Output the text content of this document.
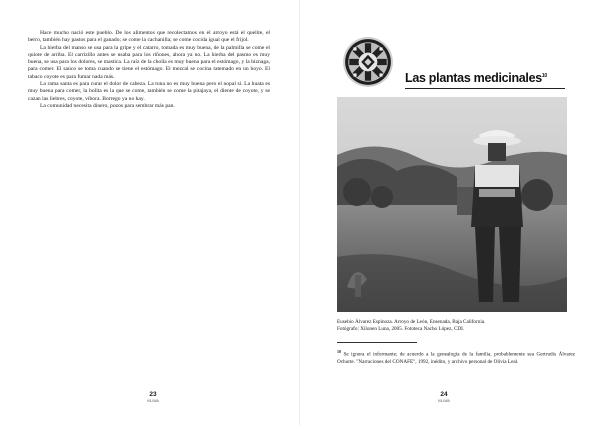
Hace mucho nació este pueblo. De los alimentos que recolectamos en el arroyo está el quelite, el berro, también hay pastos para el ganado; se come la cachanilla; se come cocida igual que el frijol.

La hierba del manso se usa para la gripe y el catarro, tomada es muy buena, de la palmilla se come el quiote de arriba. El carrizillo antes se usaba para los riñones, ahora ya no. La hierba del pasmo es muy buena, se usa para los dolores, se mastica. La raíz de la cholla es muy buena para el estómago, y la biznaga, para comer. El saúco se toma cuando se tiene el estómago. El mezcal se cocina tatemado en un hoyo. El tabaco coyote es para fumar nada más.

La rama santa es para curar el dolor de cabeza. La tuna no es muy buena pero el nopal sí. La huata es muy buena para comer, la bolita es la que se come, también se come la pitajaya, el diente de coyote, y se cazan las liebres, coyote, víbora. Borrego ya no hay.

La comunidad necesita dinero, pozos para sembrar más pan.

23
KILIWA
Las plantas medicinales$^{10}$
Eusebio Álvarez Espinoza. Arroyo de León, Ensenada, Baja California.
Fotógrafo: Xilonen Luna, 2005. Fototeca Nacho López, CDI.
$^{10}$ Se ignora el informante; de acuerdo a la genealogía de la familia, probablemente sea Gertrudis Álvarez Ochurte. "Narraciones del CONAFE", 1992, inédito, y archivo personal de Olivia Leal.
24
KILIWA
